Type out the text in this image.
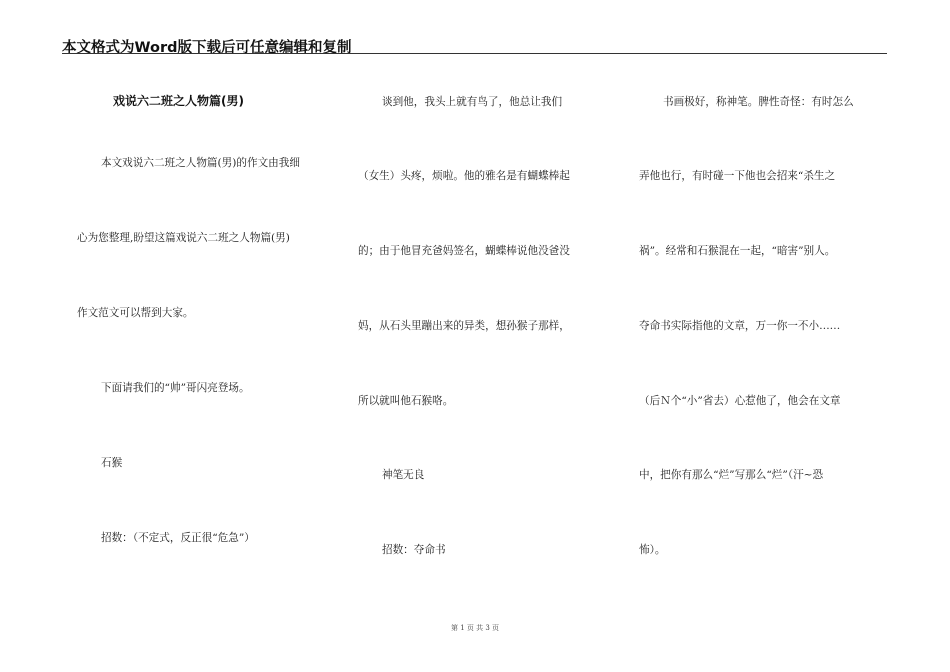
本文格式为Word版下载后可任意编辑和复制
戏说六二班之人物篇(男)
本文戏说六二班之人物篇(男)的作文由我细
心为您整理,盼望这篇戏说六二班之人物篇(男)
作文范文可以帮到大家。
下面请我们的“帅”哥闪亮登场。
石猴
招数：（不定式，反正很“危急”）
谈到他，我头上就有鸟了，他总让我们
（女生）头疼，烦啦。他的雅名是有蝴蝶棒起
的；由于他冒充爸妈签名，蝴蝶棒说他没爸没
妈，从石头里蹦出来的异类，想孙猴子那样，
所以就叫他石猴咯。
神笔无良
招数：夺命书
书画极好，称神笔。脾性奇怪：有时怎么
弄他也行，有时碰一下他也会招来“杀生之
祸”。经常和石猴混在一起，“暗害”别人。
夺命书实际指他的文章，万一你一不小……
（后Ｎ个“小”省去）心惹他了，他会在文章
中，把你有那么“烂”写那么“烂”（汗~恐
怖）。
第 1 页 共 3 页
